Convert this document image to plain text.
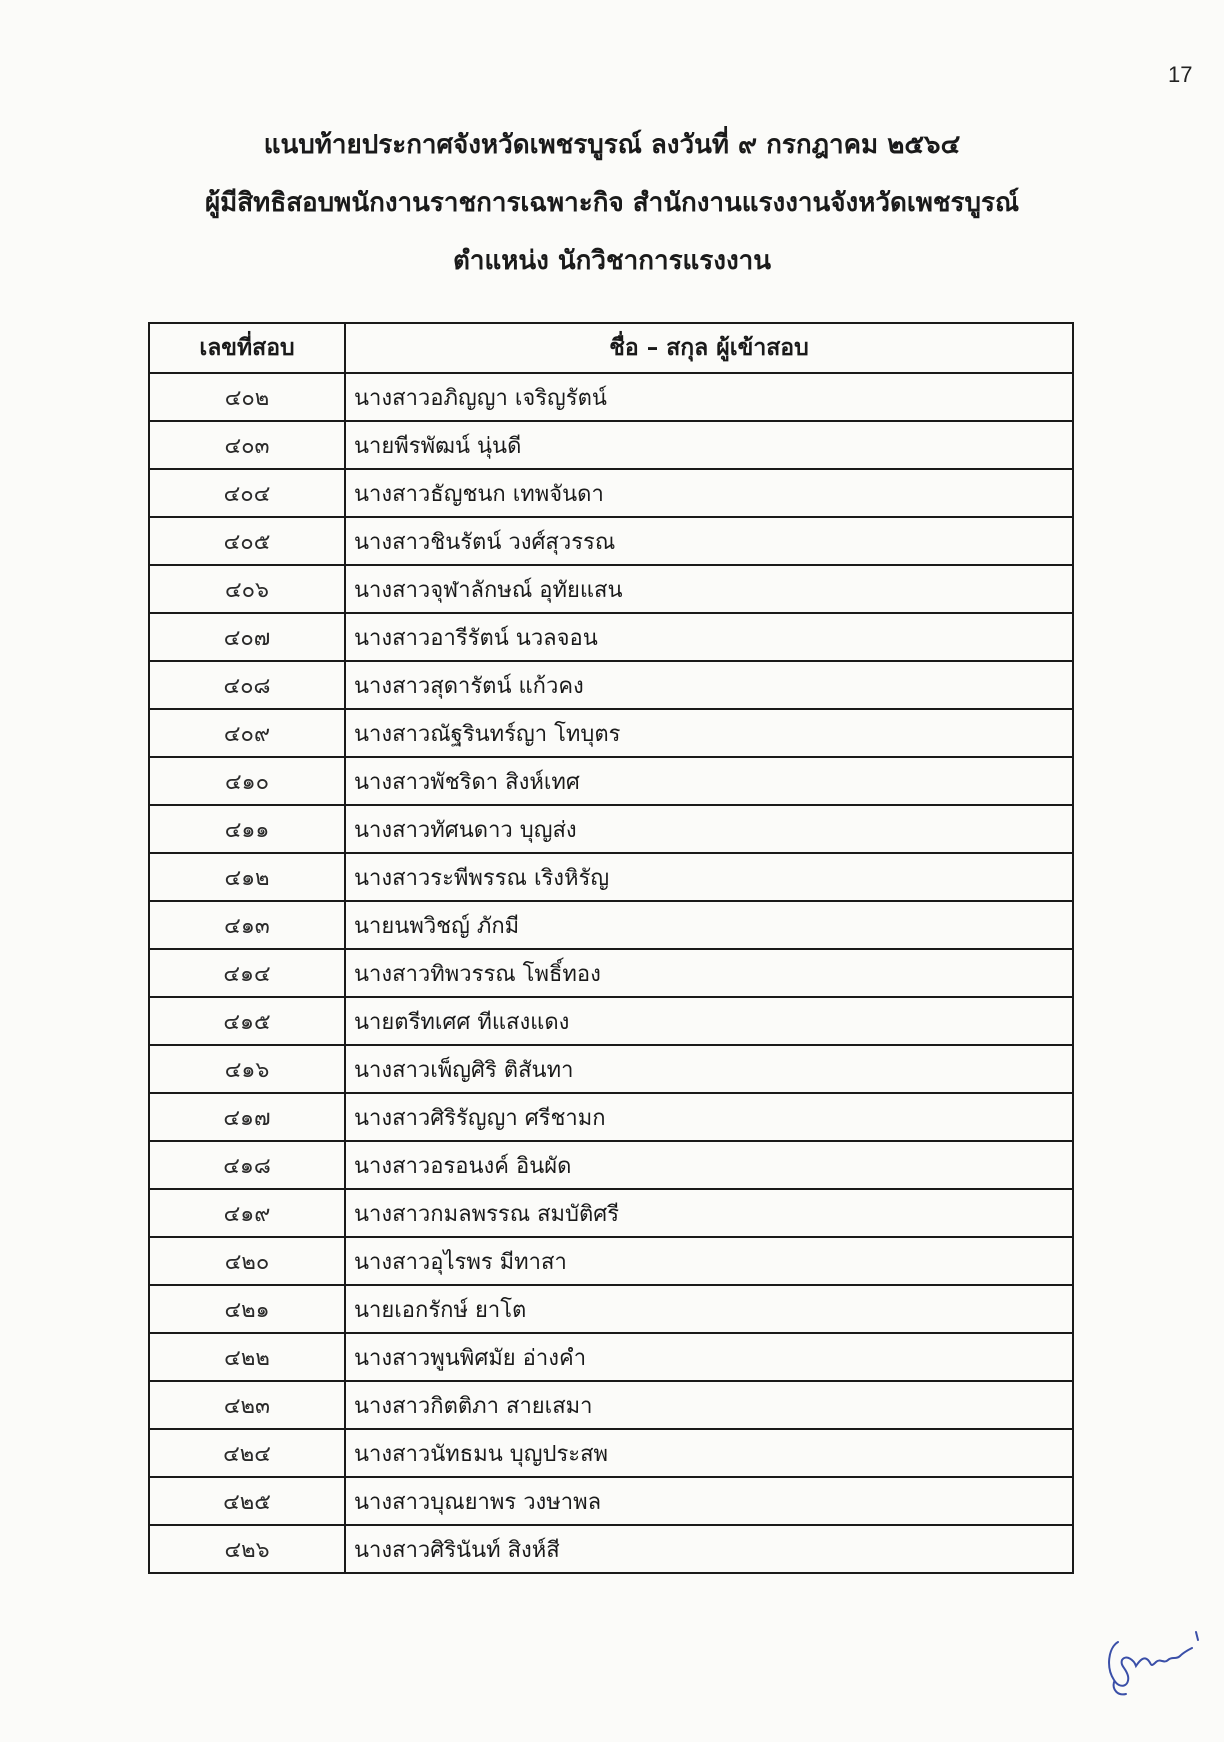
17
แนบท้ายประกาศจังหวัดเพชรบูรณ์ ลงวันที่ ๙ กรกฎาคม ๒๕๖๔
ผู้มีสิทธิสอบพนักงานราชการเฉพาะกิจ สำนักงานแรงงานจังหวัดเพชรบูรณ์
ตำแหน่ง นักวิชาการแรงงาน
เลขที่สอบ	ชื่อ – สกุล ผู้เข้าสอบ
๔๐๒	นางสาวอภิญญา เจริญรัตน์
๔๐๓	นายพีรพัฒน์ นุ่นดี
๔๐๔	นางสาวธัญชนก เทพจันดา
๔๐๕	นางสาวชินรัตน์ วงศ์สุวรรณ
๔๐๖	นางสาวจุฬาลักษณ์ อุทัยแสน
๔๐๗	นางสาวอารีรัตน์ นวลจอน
๔๐๘	นางสาวสุดารัตน์ แก้วคง
๔๐๙	นางสาวณัฐรินทร์ญา โทบุตร
๔๑๐	นางสาวพัชริดา สิงห์เทศ
๔๑๑	นางสาวทัศนดาว บุญส่ง
๔๑๒	นางสาวระพีพรรณ เริงหิรัญ
๔๑๓	นายนพวิชญ์ ภักมี
๔๑๔	นางสาวทิพวรรณ โพธิ์ทอง
๔๑๕	นายตรีทเศศ ทีแสงแดง
๔๑๖	นางสาวเพ็ญศิริ ติสันทา
๔๑๗	นางสาวศิริรัญญา ศรีชามก
๔๑๘	นางสาวอรอนงค์ อินผัด
๔๑๙	นางสาวกมลพรรณ สมบัติศรี
๔๒๐	นางสาวอุไรพร มีทาสา
๔๒๑	นายเอกรักษ์ ยาโต
๔๒๒	นางสาวพูนพิศมัย อ่างคำ
๔๒๓	นางสาวกิตติภา สายเสมา
๔๒๔	นางสาวนัทธมน บุญประสพ
๔๒๕	นางสาวบุณยาพร วงษาพล
๔๒๖	นางสาวศิรินันท์ สิงห์สี
